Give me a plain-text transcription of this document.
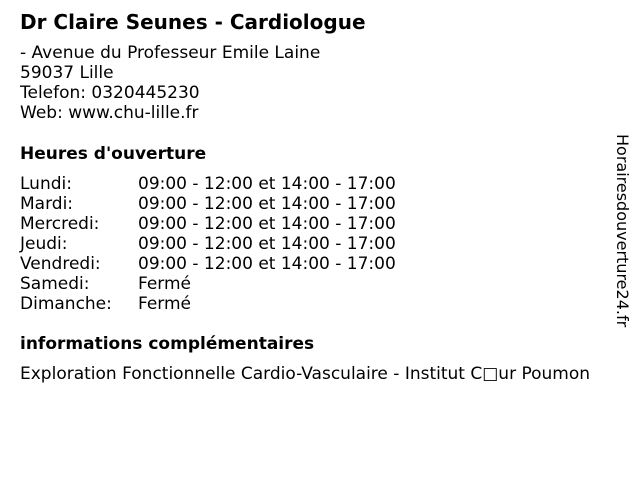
Dr Claire Seunes - Cardiologue
- Avenue du Professeur Emile Laine
59037 Lille
Telefon: 0320445230
Web: www.chu-lille.fr
Heures d'ouverture
Lundi:	09:00 - 12:00 et 14:00 - 17:00
Mardi:	09:00 - 12:00 et 14:00 - 17:00
Mercredi:	09:00 - 12:00 et 14:00 - 17:00
Jeudi:	09:00 - 12:00 et 14:00 - 17:00
Vendredi:	09:00 - 12:00 et 14:00 - 17:00
Samedi:	Fermé
Dimanche:	Fermé
informations complémentaires
Exploration Fonctionnelle Cardio-Vasculaire - Institut C□ur Poumon
Horairesdouverture24.fr
